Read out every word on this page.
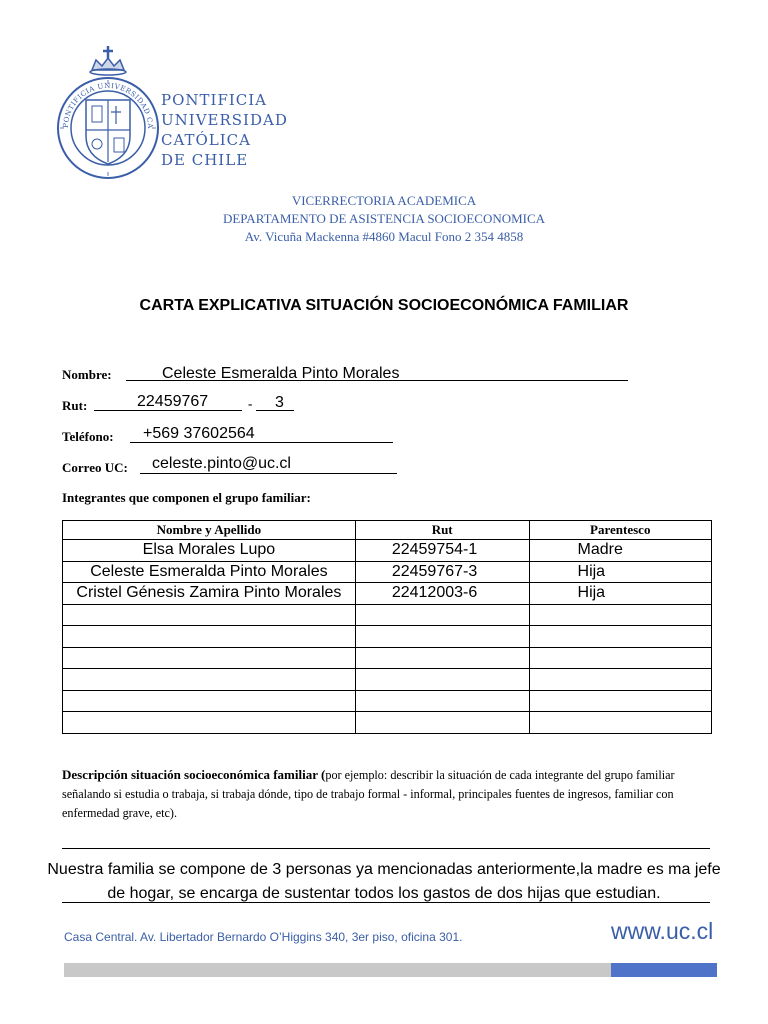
PONTIFICIA UNIVERSIDAD CA
PONTIFICIA
UNIVERSIDAD
CATÓLICA
DE CHILE
VICERRECTORIA ACADEMICA
DEPARTAMENTO DE ASISTENCIA SOCIOECONOMICA
Av. Vicuña Mackenna #4860 Macul Fono 2 354 4858
CARTA EXPLICATIVA SITUACIÓN SOCIOECONÓMICA FAMILIAR
Nombre:	Celeste Esmeralda Pinto Morales
Rut:	22459767	- 3
Teléfono: +569 37602564
Correo UC: celeste.pinto@uc.cl
Integrantes que componen el grupo familiar:
Nombre y Apellido	Rut	Parentesco
Elsa Morales Lupo	22459754-1	Madre
Celeste Esmeralda Pinto Morales	22459767-3	Hija
Cristel Génesis Zamira Pinto Morales	22412003-6	Hija

Descripción situación socioeconómica familiar (por ejemplo: describir la situación de cada integrante del grupo familiar señalando si estudia o trabaja, si trabaja dónde, tipo de trabajo formal - informal, principales fuentes de ingresos, familiar con enfermedad grave, etc).
Nuestra familia se compone de 3 personas ya mencionadas anteriormente,la madre es ma jefe
de hogar, se encarga de sustentar todos los gastos de dos hijas que estudian.
Casa Central. Av. Libertador Bernardo O’Higgins 340, 3er piso, oficina 301.	www.uc.cl
